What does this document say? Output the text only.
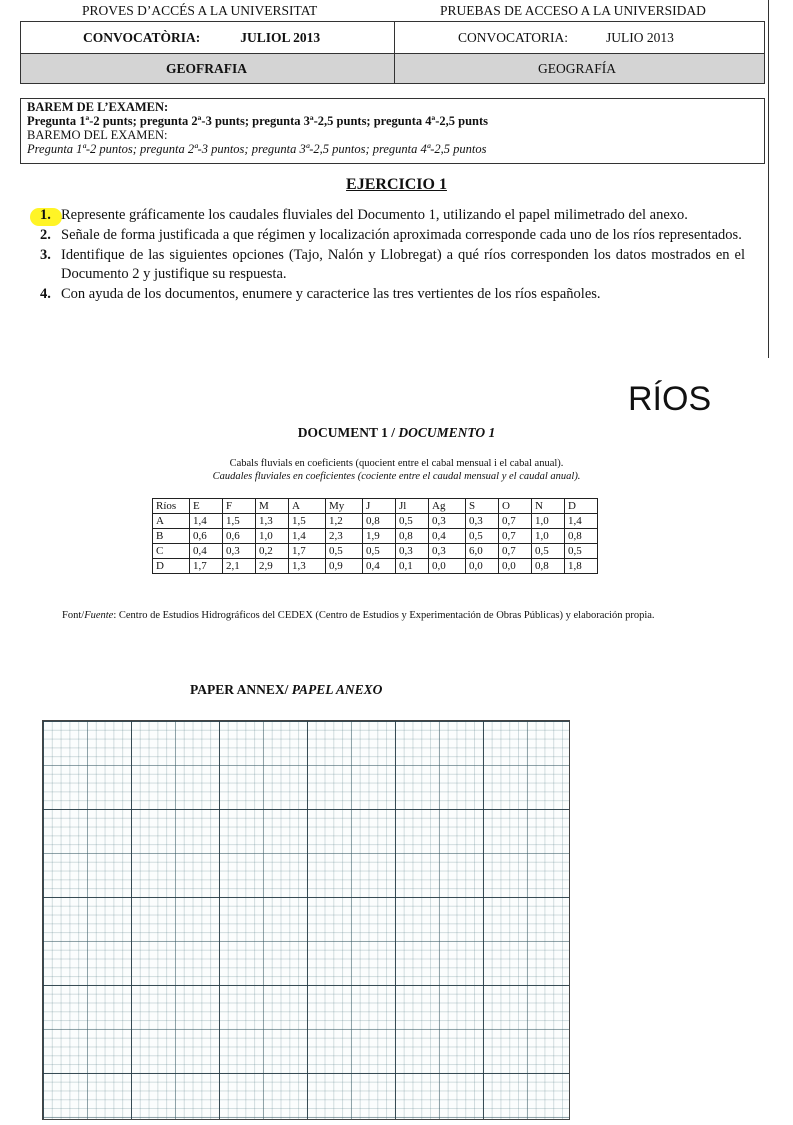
PROVES D’ACCÉS A LA UNIVERSITAT	PRUEBAS DE ACCESO A LA UNIVERSIDAD
CONVOCATÒRIA:	JULIOL 2013	CONVOCATORIA:	JULIO 2013
GEOFRAFIA	GEOGRAFÍA
BAREM DE L’EXAMEN:
Pregunta 1ª-2 punts; pregunta 2ª-3 punts; pregunta 3ª-2,5 punts; pregunta 4ª-2,5 punts
BAREMO DEL EXAMEN:
Pregunta 1ª-2 puntos; pregunta 2ª-3 puntos; pregunta 3ª-2,5 puntos; pregunta 4ª-2,5 puntos
EJERCICIO 1
1. Represente gráficamente los caudales fluviales del Documento 1, utilizando el papel milimetrado del anexo.
2. Señale de forma justificada a que régimen y localización aproximada corresponde cada uno de los ríos representados.
3. Identifique de las siguientes opciones (Tajo, Nalón y Llobregat) a qué ríos corresponden los datos mostrados en el Documento 2 y justifique su respuesta.
4. Con ayuda de los documentos, enumere y caracterice las tres vertientes de los ríos españoles.
RÍOS
DOCUMENT 1 / DOCUMENTO 1
Cabals fluvials en coeficients (quocient entre el cabal mensual i el cabal anual).
Caudales fluviales en coeficientes (cociente entre el caudal mensual y el caudal anual).
Ríos	E	F	M	A	My	J	Jl	Ag	S	O	N	D
A	1,4	1,5	1,3	1,5	1,2	0,8	0,5	0,3	0,3	0,7	1,0	1,4
B	0,6	0,6	1,0	1,4	2,3	1,9	0,8	0,4	0,5	0,7	1,0	0,8
C	0,4	0,3	0,2	1,7	0,5	0,5	0,3	0,3	6,0	0,7	0,5	0,5
D	1,7	2,1	2,9	1,3	0,9	0,4	0,1	0,0	0,0	0,0	0,8	1,8
Font/Fuente: Centro de Estudios Hidrográficos del CEDEX (Centro de Estudios y Experimentación de Obras Públicas) y elaboración propia.
PAPER ANNEX/ PAPEL ANEXO
